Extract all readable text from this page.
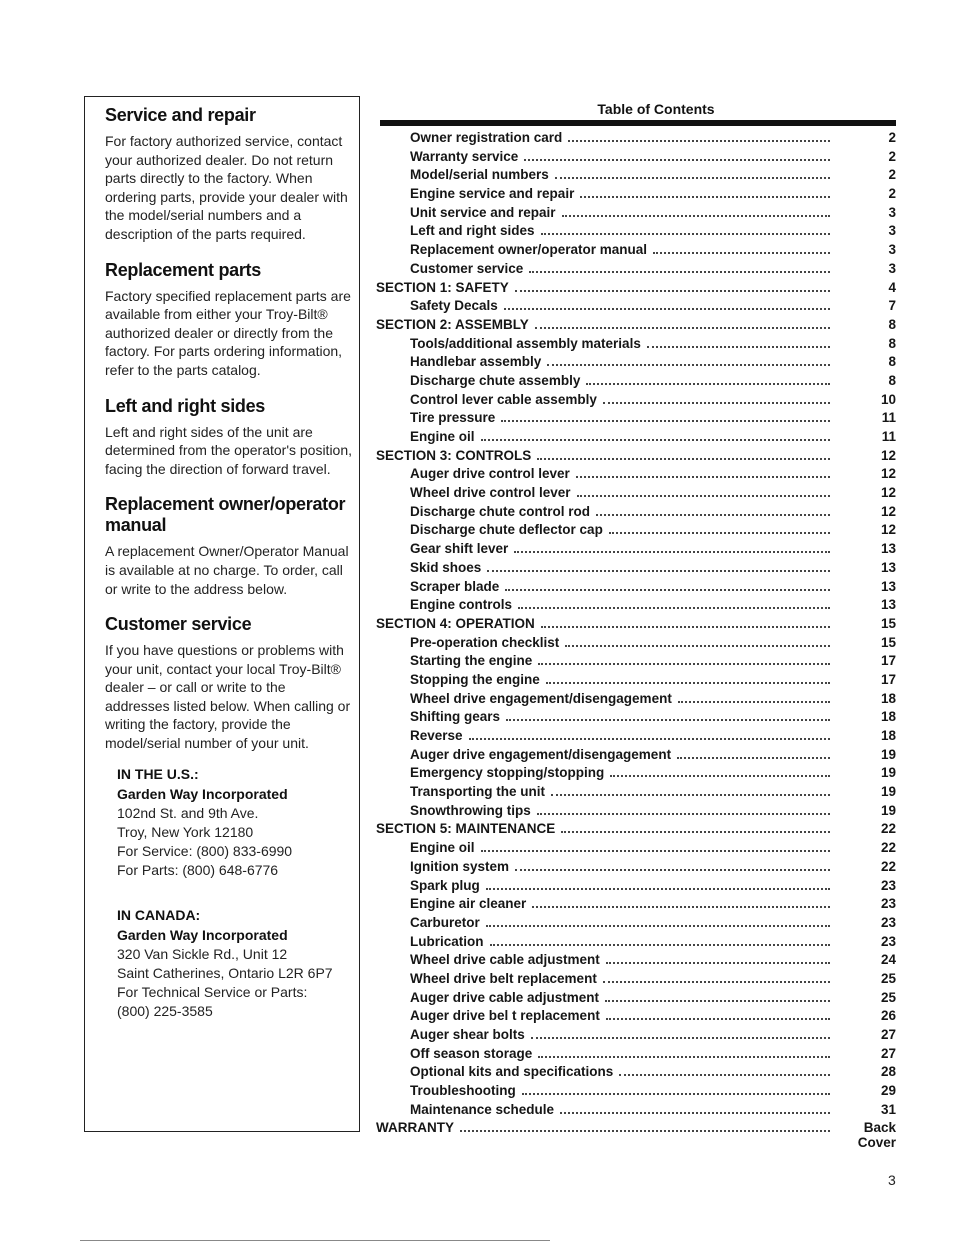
Service and repair

For factory authorized service, contact your authorized dealer. Do not return parts directly to the factory. When ordering parts, provide your dealer with the model/serial numbers and a description of the parts required.

Replacement parts

Factory specified replacement parts are available from either your Troy-Bilt® authorized dealer or directly from the factory. For parts ordering information, refer to the parts catalog.

Left and right sides

Left and right sides of the unit are determined from the operator's position, facing the direction of forward travel.

Replacement owner/operator manual

A replacement Owner/Operator Manual is available at no charge. To order, call or write to the address below.

Customer service

If you have questions or problems with your unit, contact your local Troy-Bilt® dealer – or call or write to the addresses listed below. When calling or writing the factory, provide the model/serial number of your unit.

IN THE U.S.:
Garden Way Incorporated
102nd St. and 9th Ave.
Troy, New York 12180
For Service: (800) 833-6990
For Parts: (800) 648-6776
IN CANADA:
Garden Way Incorporated
320 Van Sickle Rd., Unit 12
Saint Catherines, Ontario L2R 6P7
For Technical Service or Parts:
(800) 225-3585
Table of Contents
Owner registration card	2
Warranty service	2
Model/serial numbers	2
Engine service and repair	2
Unit service and repair	3
Left and right sides	3
Replacement owner/operator manual	3
Customer service	3
SECTION 1: SAFETY	4
Safety Decals	7
SECTION 2: ASSEMBLY	8
Tools/additional assembly materials	8
Handlebar assembly	8
Discharge chute assembly	8
Control lever cable assembly	10
Tire pressure	11
Engine oil	11
SECTION 3: CONTROLS	12
Auger drive control lever	12
Wheel drive control lever	12
Discharge chute control rod	12
Discharge chute deflector cap	12
Gear shift lever	13
Skid shoes	13
Scraper blade	13
Engine controls	13
SECTION 4: OPERATION	15
Pre-operation checklist	15
Starting the engine	17
Stopping the engine	17
Wheel drive engagement/disengagement	18
Shifting gears	18
Reverse	18
Auger drive engagement/disengagement	19
Emergency stopping/stopping	19
Transporting the unit	19
Snowthrowing tips	19
SECTION 5: MAINTENANCE	22
Engine oil	22
Ignition system	22
Spark plug	23
Engine air cleaner	23
Carburetor	23
Lubrication	23
Wheel drive cable adjustment	24
Wheel drive belt replacement	25
Auger drive cable adjustment	25
Auger drive bel t replacement	26
Auger shear bolts	27
Off season storage	27
Optional kits and specifications	28
Troubleshooting	29
Maintenance schedule	31
WARRANTY	Back Cover
3
